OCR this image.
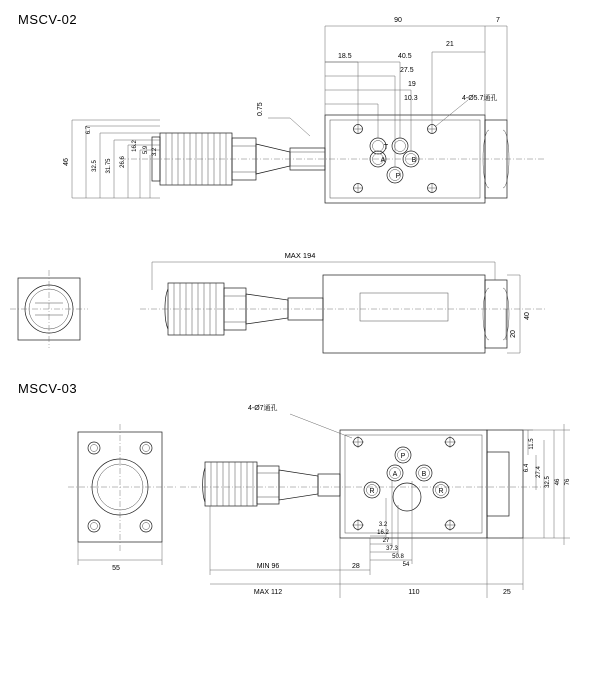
MSCV-02
MSCV-03
T
A	B
P
90
18.5	40.5
21
7
27.5
19
10.3
0.75
4-Ø5.7通孔
46
6.7
32.5 31.75 26.6
16.2 5.9 3.2
MAX 194
40
20
P
A	B
R	R
4-Ø7通孔
55	MIN 96
MAX 112
28
110	25
54
50.8
37.3
27
16.2
3.2
11.5
27.4
32.5 46 76
6.4
